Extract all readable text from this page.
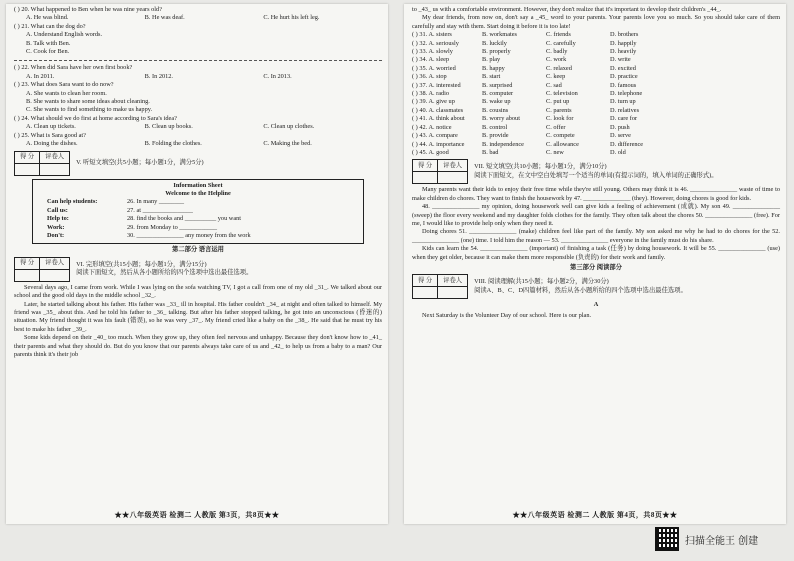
( ) 20. What happened to Ben when he was nine years old?
A. He was blind.	B. He was deaf.	C. He hurt his left leg.
( ) 21. What can the dog do?
A. Understand English words.
B. Talk with Ben.
C. Cook for Ben.
( ) 22. When did Sara have her own first book?
A. In 2011.	B. In 2012.	C. In 2013.
( ) 23. What does Sara want to do now?
A. She wants to clean her room.
B. She wants to share some ideas about cleaning.
C. She wants to find something to make us happy.
( ) 24. What should we do first at home according to Sara's idea?
A. Clean up tickets.	B. Clean up books.	C. Clean up clothes.
( ) 25. What is Sara good at?
A. Doing the dishes.	B. Folding the clothes.	C. Making the bed.
得 分	评卷人

V. 听短文填空(共5小题；每小题1分，满分5分)
Information Sheet
Welcome to the Helpline
Can help students:	26. In many ________
Call us:	27. at ________________
Help to:	28. find the books and __________ you want
Work:	29. from Monday to ____________
Don't:	30. _______________ any money from the work
第二部分 语言运用
得 分	评卷人
	VI. 完形填空(共15小题；每小题1分，满分15分)
阅读下面短文，然后从各小题所给的四个选项中选出最佳选项。
Several days ago, I came from work. While I was lying on the sofa watching TV, I got a call from one of my old _31_. We talked about our school and the good old days in the middle school _32_.
Later, he started talking about his father. His father was _33_ ill in hospital. His father couldn't _34_ at night and often talked to himself. My friend was _35_ about this. And he told his father to _36_ talking. But after his father stopped talking, he got into an unconscious (昏迷的) situation. My friend thought it was his fault (错误), so he was very _37_. My friend cried like a baby on the _38_. He said that he must try his best to make his father _39_.
Some kids depend on their _40_ too much. When they grow up, they often feel nervous and unhappy. Because they don't know how to _41_ their parents and what they should do. But do you know that our parents always take care of us and _42_ to help us from a baby to a man? Our parents think it's their job
★★八年级英语 检测二 人教版 第3页，共8页★★
to _43_ us with a comfortable environment. However, they don't realize that it's important to develop their children's _44_.
My dear friends, from now on, don't say a _45_ word to your parents. Your parents love you so much. So you should take care of them carefully and stay with them. Start doing it before it is too late!
( ) 31. A. sisters	B. workmates	C. friends	D. brothers
( ) 32. A. seriously	B. luckily	C. carefully	D. happily
( ) 33. A. slowly	B. properly	C. badly	D. heavily
( ) 34. A. sleep	B. play	C. work	D. write
( ) 35. A. worried	B. happy	C. relaxed	D. excited
( ) 36. A. stop	B. start	C. keep	D. practice
( ) 37. A. interested	B. surprised	C. sad	D. famous
( ) 38. A. radio	B. computer	C. television	D. telephone
( ) 39. A. give up	B. wake up	C. put up	D. turn up
( ) 40. A. classmates	B. cousins	C. parents	D. relatives
( ) 41. A. think about	B. worry about	C. look for	D. care for
( ) 42. A. notice	B. control	C. offer	D. push
( ) 43. A. compare	B. provide	C. compete	D. serve
( ) 44. A. importance	B. independence	C. allowance	D. difference
( ) 45. A. good	B. bad	C. new	D. old
得 分	评卷人
	VII. 短文填空(共10小题；每小题1分，满分10分)
阅读下面短文，在文中空白处填写一个适当的单词(有提示词的，填入单词的正确形式)。
Many parents want their kids to enjoy their free time while they're still young. Others may think it is 46. _______________ waste of time to make children do chores. They want to finish the housework by 47. _______________ (they). However, doing chores is good for kids.
48. _______________ my opinion, doing housework well can give kids a feeling of achievement (成就). My son 49. _______________ (sweep) the floor every weekend and my daughter folds clothes for the family. They often talk about the chores 50. _______________ (free). For me, I would like to provide help only when they need it.
Doing chores 51. _______________ (make) children feel like part of the family. My son asked me why he had to do chores for the 52. _______________ (one) time. I told him the reason — 53. _______________ everyone in the family must do his share.
Kids can learn the 54. _______________ (important) of finishing a task (任务) by doing housework. It will be 55. _______________ (use) when they get older, because it can make them more responsible (负责的) for their work and family.
第三部分 阅读部分
得 分	评卷人
	VIII. 阅读理解(共15小题；每小题2分，满分30分)
阅读A、B、C、D四篇材料，然后从各小题所给的四个选项中选出最佳选项。
A
Next Saturday is the Volunteer Day of our school. Here is our plan.
★★八年级英语 检测二 人教版 第4页，共8页★★
扫描全能王 创建
